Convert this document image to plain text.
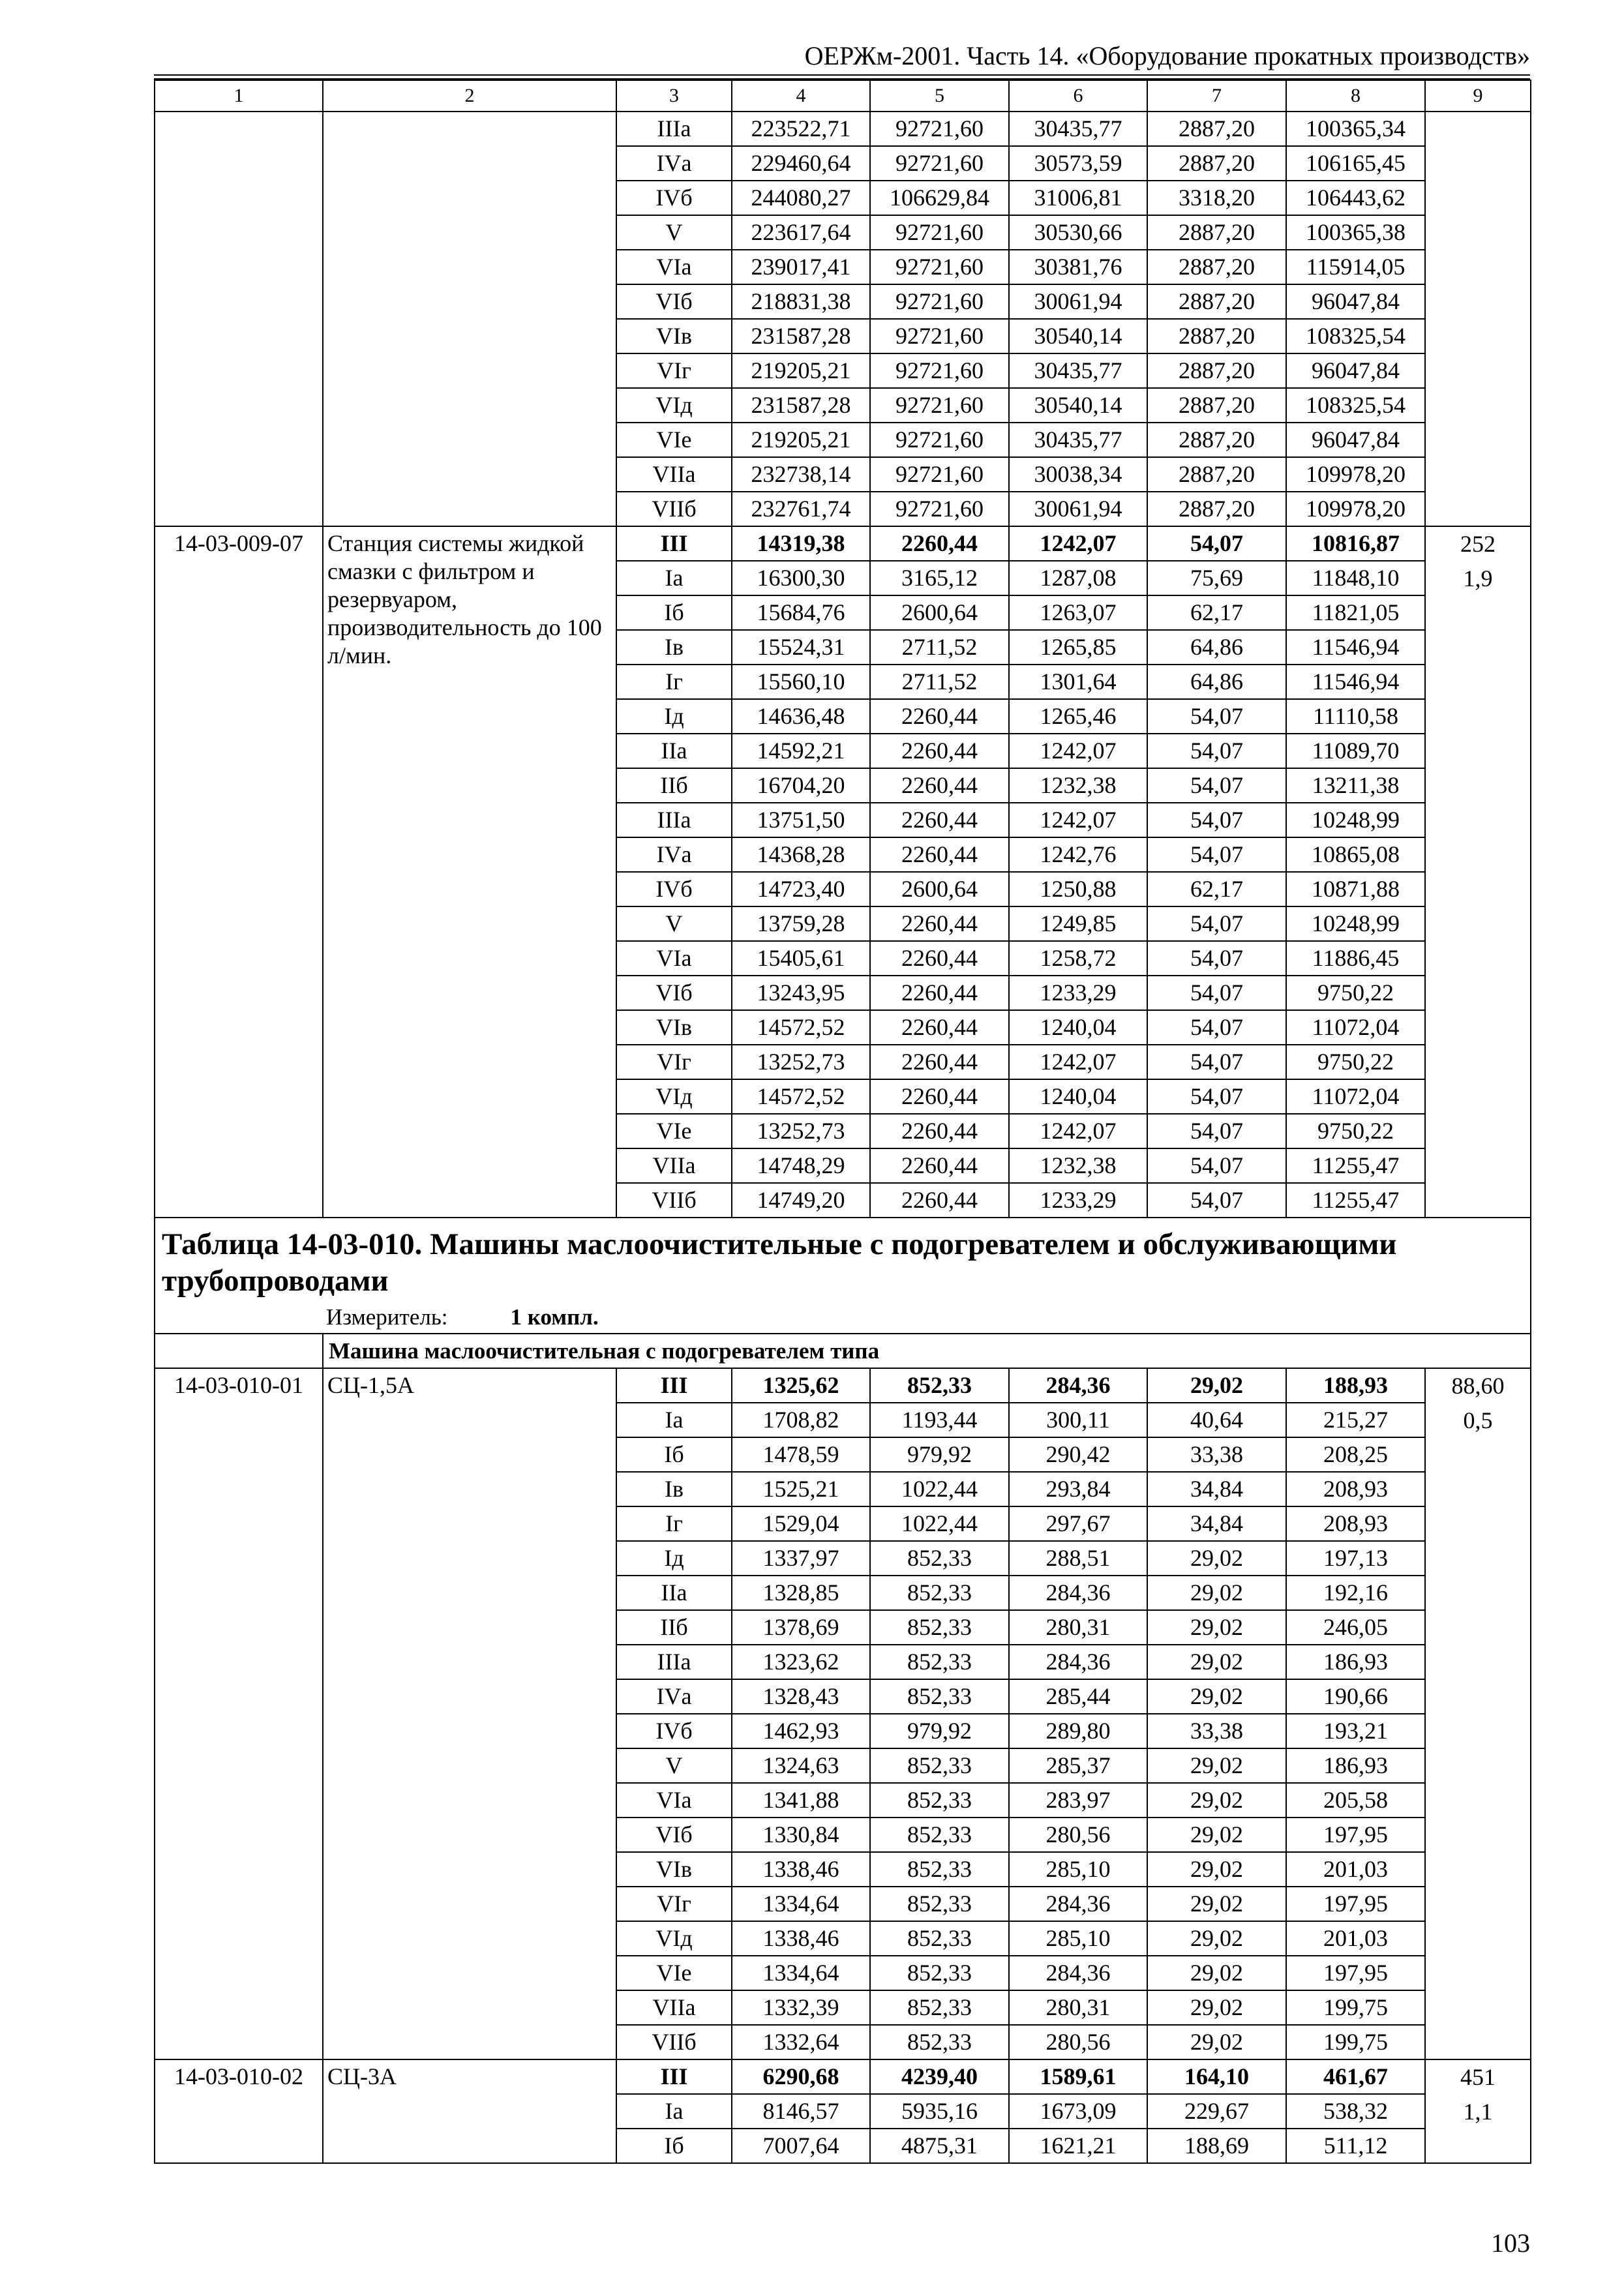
ОЕРЖм-2001. Часть 14. «Оборудование прокатных производств»
1	2	3	4	5	6	7	8	9
		IIIа	223522,71	92721,60	30435,77	2887,20	100365,34	
		IVа	229460,64	92721,60	30573,59	2887,20	106165,45	
		IVб	244080,27	106629,84	31006,81	3318,20	106443,62	
		V	223617,64	92721,60	30530,66	2887,20	100365,38	
		VIа	239017,41	92721,60	30381,76	2887,20	115914,05	
		VIб	218831,38	92721,60	30061,94	2887,20	96047,84	
		VIв	231587,28	92721,60	30540,14	2887,20	108325,54	
		VIг	219205,21	92721,60	30435,77	2887,20	96047,84	
		VIд	231587,28	92721,60	30540,14	2887,20	108325,54	
		VIе	219205,21	92721,60	30435,77	2887,20	96047,84	
		VIIа	232738,14	92721,60	30038,34	2887,20	109978,20	
		VIIб	232761,74	92721,60	30061,94	2887,20	109978,20	
14-03-009-07	Станция системы жидкой смазки с фильтром и резервуаром, производительность до 100 л/мин.	III	14319,38	2260,44	1242,07	54,07	10816,87	252
1,9

		Iа	16300,30	3165,12	1287,08	75,69	11848,10	
		Iб	15684,76	2600,64	1263,07	62,17	11821,05	
		Iв	15524,31	2711,52	1265,85	64,86	11546,94	
		Iг	15560,10	2711,52	1301,64	64,86	11546,94	
		Iд	14636,48	2260,44	1265,46	54,07	11110,58	
		IIа	14592,21	2260,44	1242,07	54,07	11089,70	
		IIб	16704,20	2260,44	1232,38	54,07	13211,38	
		IIIа	13751,50	2260,44	1242,07	54,07	10248,99	
		IVа	14368,28	2260,44	1242,76	54,07	10865,08	
		IVб	14723,40	2600,64	1250,88	62,17	10871,88	
		V	13759,28	2260,44	1249,85	54,07	10248,99	
		VIа	15405,61	2260,44	1258,72	54,07	11886,45	
		VIб	13243,95	2260,44	1233,29	54,07	9750,22	
		VIв	14572,52	2260,44	1240,04	54,07	11072,04	
		VIг	13252,73	2260,44	1242,07	54,07	9750,22	
		VIд	14572,52	2260,44	1240,04	54,07	11072,04	
		VIе	13252,73	2260,44	1242,07	54,07	9750,22	
		VIIа	14748,29	2260,44	1232,38	54,07	11255,47	
		VIIб	14749,20	2260,44	1233,29	54,07	11255,47	
Таблица 14-03-010. Машины маслоочистительные с подогревателем и обслуживающими трубопроводами								
Измеритель: 1 компл.								
	Машина маслоочистительная с подогревателем типа							
14-03-010-01	СЦ-1,5А	III	1325,62	852,33	284,36	29,02	188,93	88,60
0,5

		Iа	1708,82	1193,44	300,11	40,64	215,27	
		Iб	1478,59	979,92	290,42	33,38	208,25	
		Iв	1525,21	1022,44	293,84	34,84	208,93	
		Iг	1529,04	1022,44	297,67	34,84	208,93	
		Iд	1337,97	852,33	288,51	29,02	197,13	
		IIа	1328,85	852,33	284,36	29,02	192,16	
		IIб	1378,69	852,33	280,31	29,02	246,05	
		IIIа	1323,62	852,33	284,36	29,02	186,93	
		IVа	1328,43	852,33	285,44	29,02	190,66	
		IVб	1462,93	979,92	289,80	33,38	193,21	
		V	1324,63	852,33	285,37	29,02	186,93	
		VIа	1341,88	852,33	283,97	29,02	205,58	
		VIб	1330,84	852,33	280,56	29,02	197,95	
		VIв	1338,46	852,33	285,10	29,02	201,03	
		VIг	1334,64	852,33	284,36	29,02	197,95	
		VIд	1338,46	852,33	285,10	29,02	201,03	
		VIе	1334,64	852,33	284,36	29,02	197,95	
		VIIа	1332,39	852,33	280,31	29,02	199,75	
		VIIб	1332,64	852,33	280,56	29,02	199,75	
14-03-010-02	СЦ-3А	III	6290,68	4239,40	1589,61	164,10	461,67	451
1,1

		Iа	8146,57	5935,16	1673,09	229,67	538,32	
		Iб	7007,64	4875,31	1621,21	188,69	511,12	
103
